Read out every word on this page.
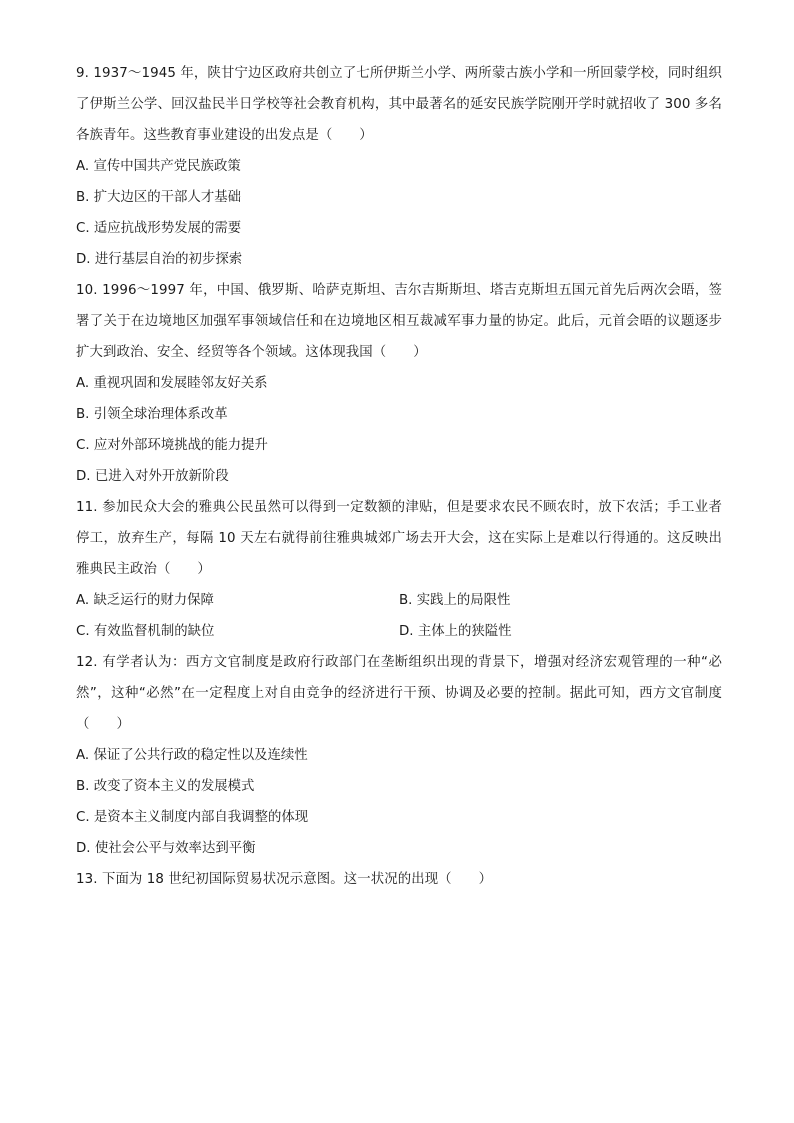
9. 1937～1945 年，陕甘宁边区政府共创立了七所伊斯兰小学、两所蒙古族小学和一所回蒙学校，同时组织了伊斯兰公学、回汉盐民半日学校等社会教育机构，其中最著名的延安民族学院刚开学时就招收了 300 多名各族青年。这些教育事业建设的出发点是（　　）
A. 宣传中国共产党民族政策
B. 扩大边区的干部人才基础
C. 适应抗战形势发展的需要
D. 进行基层自治的初步探索
10. 1996～1997 年，中国、俄罗斯、哈萨克斯坦、吉尔吉斯斯坦、塔吉克斯坦五国元首先后两次会晤，签署了关于在边境地区加强军事领域信任和在边境地区相互裁减军事力量的协定。此后，元首会晤的议题逐步扩大到政治、安全、经贸等各个领域。这体现我国（　　）
A. 重视巩固和发展睦邻友好关系
B. 引领全球治理体系改革
C. 应对外部环境挑战的能力提升
D. 已进入对外开放新阶段
11. 参加民众大会的雅典公民虽然可以得到一定数额的津贴，但是要求农民不顾农时，放下农活；手工业者停工，放弃生产，每隔 10 天左右就得前往雅典城郊广场去开大会，这在实际上是难以行得通的。这反映出雅典民主政治（　　）
A. 缺乏运行的财力保障	B. 实践上的局限性
C. 有效监督机制的缺位	D. 主体上的狭隘性
12. 有学者认为：西方文官制度是政府行政部门在垄断组织出现的背景下，增强对经济宏观管理的一种“必然”，这种“必然”在一定程度上对自由竞争的经济进行干预、协调及必要的控制。据此可知，西方文官制度（　　）
A. 保证了公共行政的稳定性以及连续性
B. 改变了资本主义的发展模式
C. 是资本主义制度内部自我调整的体现
D. 使社会公平与效率达到平衡
13. 下面为 18 世纪初国际贸易状况示意图。这一状况的出现（　　）
